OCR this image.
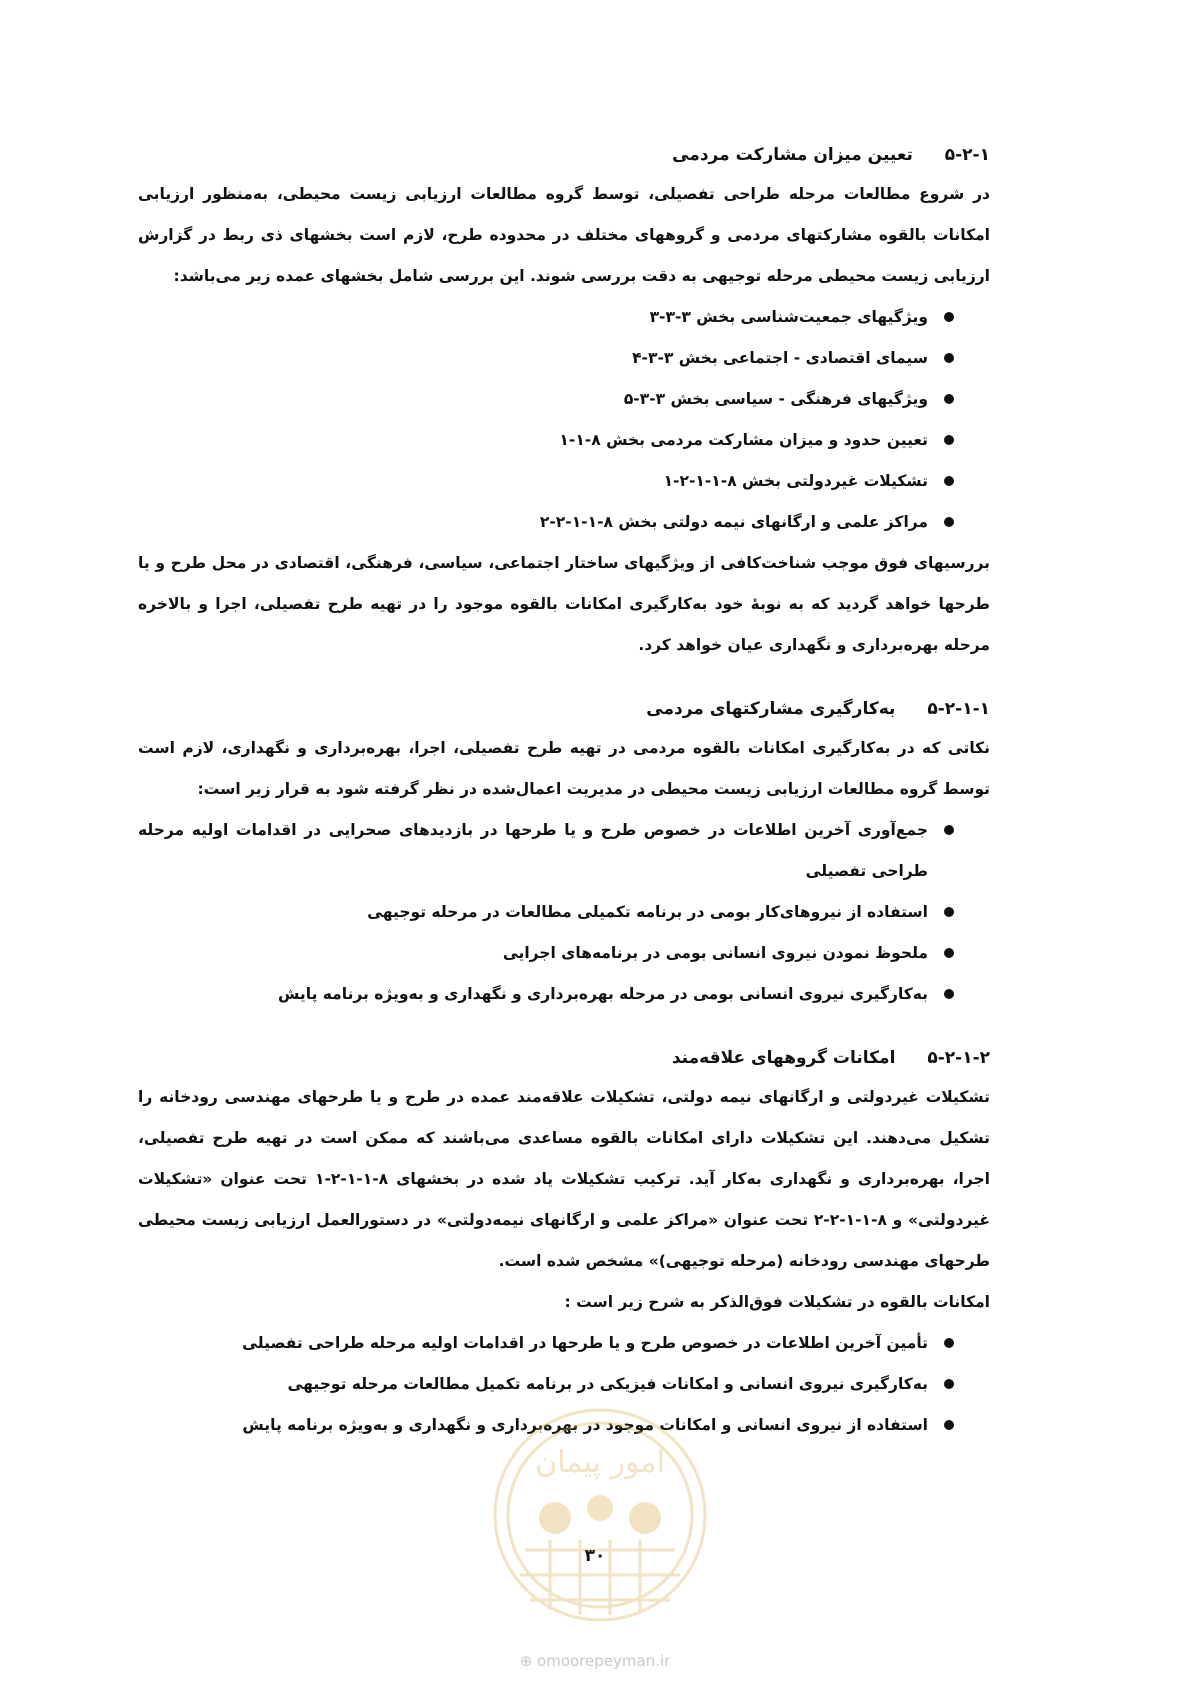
۵-۲-۱ تعیین میزان مشارکت مردمی

در شروع مطالعات مرحله طراحی تفصیلی، توسط گروه مطالعات ارزیابی زیست محیطی، به‌منظور ارزیابی امکانات بالقوه مشارکتهای مردمی و گروههای مختلف در محدوده طرح، لازم است بخشهای ذی ربط در گزارش ارزیابی زیست محیطی مرحله توجیهی به دقت بررسی شوند. این بررسی شامل بخشهای عمده زیر می‌باشد:

ویژگیهای جمعیت‌شناسی بخش ۳-۳-۳
سیمای اقتصادی - اجتماعی بخش ۳-۳-۴
ویژگیهای فرهنگی - سیاسی بخش ۳-۳-۵
تعیین حدود و میزان مشارکت مردمی بخش ۸-۱-۱
تشکیلات غیردولتی بخش ۸-۱-۱-۲-۱
مراکز علمی و ارگانهای نیمه دولتی بخش ۸-۱-۱-۲-۲

بررسیهای فوق موجب شناخت‌کافی از ویژگیهای ساختار اجتماعی، سیاسی، فرهنگی، اقتصادی در محل طرح و یا طرحها خواهد گردید که به نوبهٔ خود به‌کارگیری امکانات بالقوه موجود را در تهیه طرح تفصیلی، اجرا و بالاخره مرحله بهره‌برداری و نگهداری عیان خواهد کرد.

۵-۲-۱-۱ به‌کارگیری مشارکتهای مردمی

نکاتی که در به‌کارگیری امکانات بالقوه مردمی در تهیه طرح تفصیلی، اجرا، بهره‌برداری و نگهداری، لازم است توسط گروه مطالعات ارزیابی زیست محیطی در مدیریت اعمال‌شده در نظر گرفته شود به قرار زیر است:

جمع‌آوری آخرین اطلاعات در خصوص طرح و یا طرحها در بازدیدهای صحرایی در اقدامات اولیه مرحله طراحی تفصیلی
استفاده از نیروهای‌کار بومی در برنامه تکمیلی مطالعات در مرحله توجیهی
ملحوظ نمودن نیروی انسانی بومی در برنامه‌های اجرایی
به‌کارگیری نیروی انسانی بومی در مرحله بهره‌برداری و نگهداری و به‌ویژه برنامه پایش
۵-۲-۱-۲ امکانات گروههای علاقه‌مند

تشکیلات غیردولتی و ارگانهای نیمه دولتی، تشکیلات علاقه‌مند عمده در طرح و یا طرحهای مهندسی رودخانه را تشکیل می‌دهند. این تشکیلات دارای امکانات بالقوه مساعدی می‌باشند که ممکن است در تهیه طرح تفصیلی، اجرا، بهره‌برداری و نگهداری به‌کار آید. ترکیب تشکیلات یاد شده در بخشهای ۸-۱-۱-۲-۱ تحت عنوان «تشکیلات غیردولتی» و ۸-۱-۱-۲-۲ تحت عنوان «مراکز علمی و ارگانهای نیمه‌دولتی» در دستورالعمل ارزیابی زیست محیطی طرحهای مهندسی رودخانه (مرحله توجیهی)» مشخص شده است.

امکانات بالقوه در تشکیلات فوق‌الذکر به شرح زیر است :

تأمین آخرین اطلاعات در خصوص طرح و یا طرحها در اقدامات اولیه مرحله طراحی تفصیلی
به‌کارگیری نیروی انسانی و امکانات فیزیکی در برنامه تکمیل مطالعات مرحله توجیهی
استفاده از نیروی انسانی و امکانات موجود در بهره‌برداری و نگهداری و به‌ویژه برنامه پایش
امور پیمان
۳۰
⊕ omoorepeyman.ir
